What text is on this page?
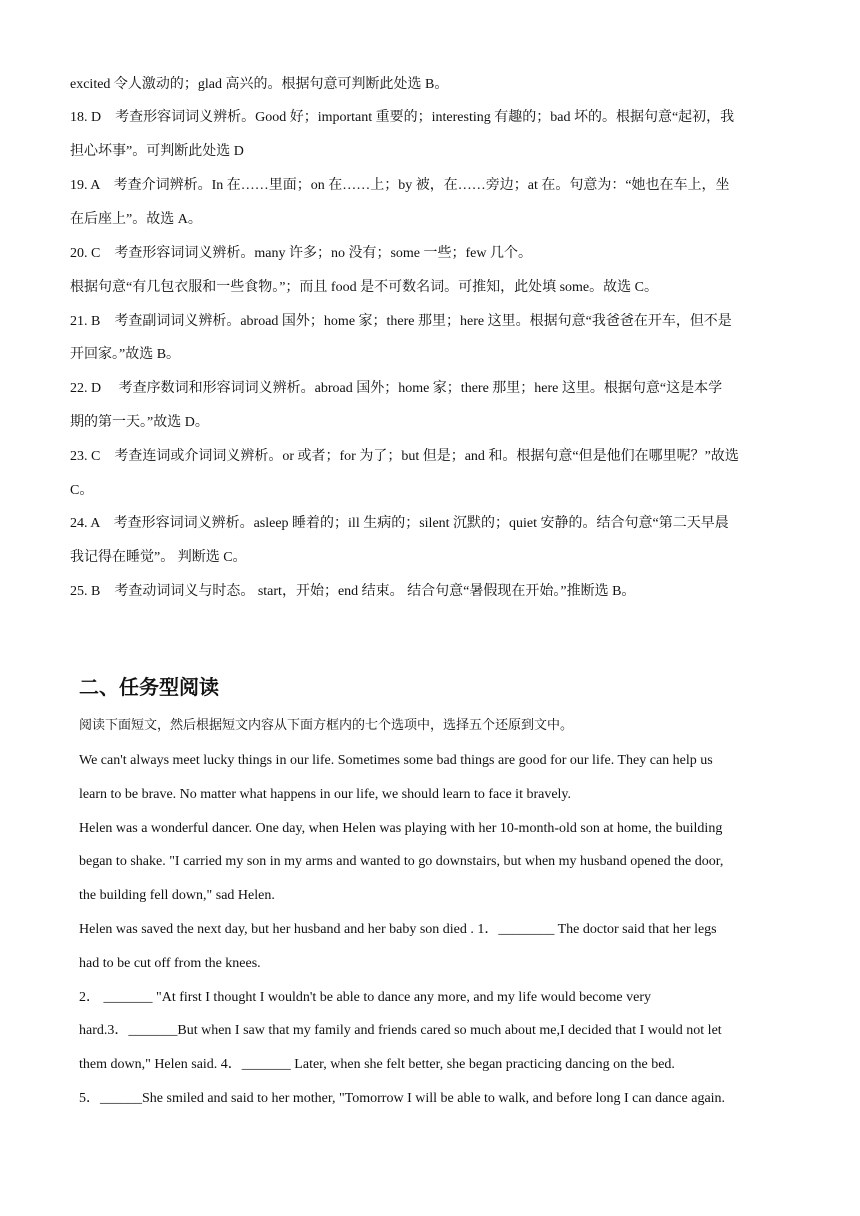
excited 令人激动的；glad 高兴的。根据句意可判断此处选 B。
18. D　考查形容词词义辨析。Good 好；important 重要的；interesting 有趣的；bad 坏的。根据句意“起初，我
担心坏事”。可判断此处选 D
19. A　考查介词辨析。In 在……里面；on 在……上；by 被，在……旁边；at 在。句意为：“她也在车上，坐
在后座上”。故选 A。
20. C　考查形容词词义辨析。many 许多；no 没有；some 一些；few 几个。
根据句意“有几包衣服和一些食物。”；而且 food 是不可数名词。可推知，此处填 some。故选 C。
21. B　考查副词词义辨析。abroad 国外；home 家；there 那里；here 这里。根据句意“我爸爸在开车，但不是
开回家。”故选 B。
22. D　 考查序数词和形容词词义辨析。abroad 国外；home 家；there 那里；here 这里。根据句意“这是本学
期的第一天。”故选 D。
23. C　考查连词或介词词义辨析。or 或者；for 为了；but 但是；and 和。根据句意“但是他们在哪里呢？”故选
C。
24. A　考查形容词词义辨析。asleep 睡着的；ill 生病的；silent 沉默的；quiet 安静的。结合句意“第二天早晨
我记得在睡觉”。 判断选 C。
25. B　考查动词词义与时态。 start，开始；end 结束。 结合句意“暑假现在开始。”推断选 B。
二、任务型阅读
阅读下面短文，然后根据短文内容从下面方框内的七个选项中，选择五个还原到文中。
We can't always meet lucky things in our life. Sometimes some bad things are good for our life. They can help us
learn to be brave. No matter what happens in our life, we should learn to face it bravely.
Helen was a wonderful dancer. One day, when Helen was playing with her 10-month-old son at home, the building
began to shake. "I carried my son in my arms and wanted to go downstairs, but when my husband opened the door,
the building fell down," sad Helen.
Helen was saved the next day, but her husband and her baby son died . 1．________ The doctor said that her legs
had to be cut off from the knees.
2． _______ "At first I thought I wouldn't be able to dance any more, and my life would become very
hard.3．_______But when I saw that my family and friends cared so much about me,I decided that I would not let
them down," Helen said. 4．_______ Later, when she felt better, she began practicing dancing on the bed.
5．______She smiled and said to her mother, "Tomorrow I will be able to walk, and before long I can dance again.
